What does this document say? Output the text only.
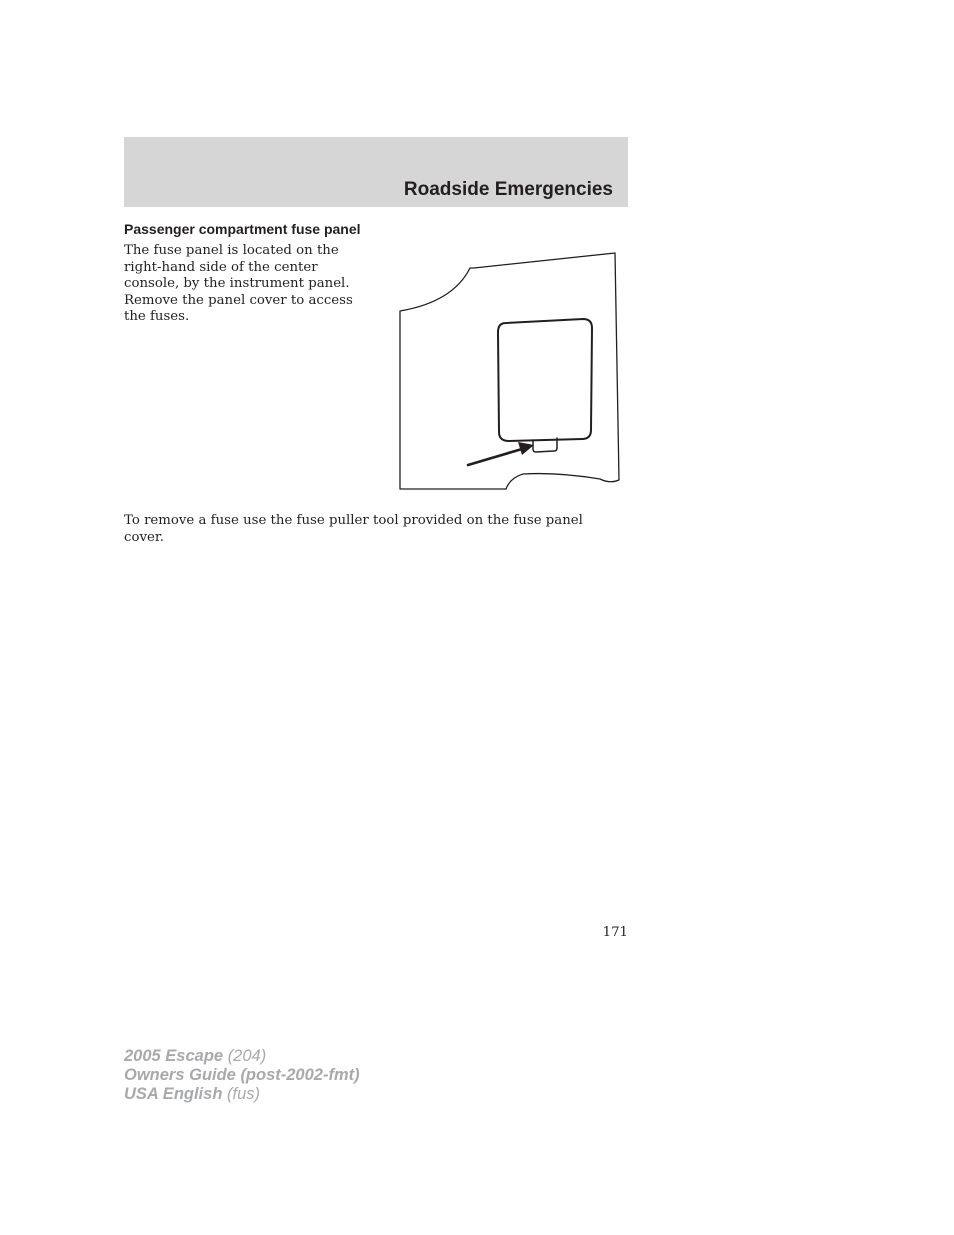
Roadside Emergencies
Passenger compartment fuse panel

The fuse panel is located on the right-hand side of the center console, by the instrument panel. Remove the panel cover to access the fuses.

To remove a fuse use the fuse puller tool provided on the fuse panel cover.

171
2005 Escape (204)
Owners Guide (post-2002-fmt)
USA English (fus)
